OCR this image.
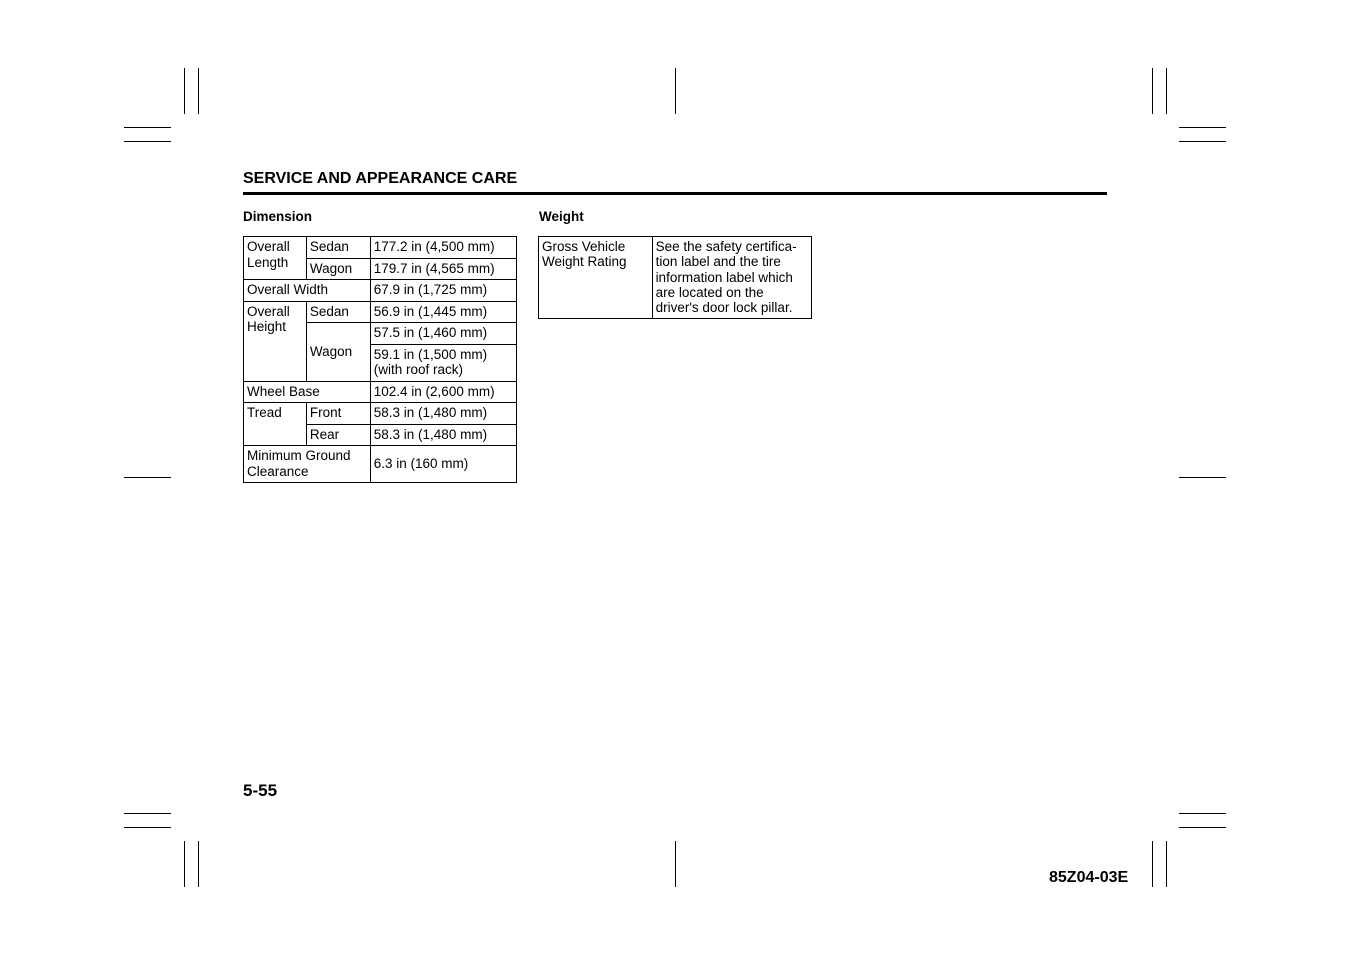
SERVICE AND APPEARANCE CARE
Dimension
Overall
Length	Sedan	177.2 in (4,500 mm)
	Wagon	179.7 in (4,565 mm)
Overall Width		67.9 in (1,725 mm)
Overall
Height	Sedan	56.9 in (1,445 mm)
	Wagon	57.5 in (1,460 mm)
		59.1 in (1,500 mm)
(with roof rack)
Wheel Base		102.4 in (2,600 mm)
Tread	Front	58.3 in (1,480 mm)
	Rear	58.3 in (1,480 mm)
Minimum Ground
Clearance		6.3 in (160 mm)
Weight
Gross Vehicle
Weight Rating	See the safety certifica-
tion label and the tire
information label which
are located on the
driver's door lock pillar.
5-55
85Z04-03E
